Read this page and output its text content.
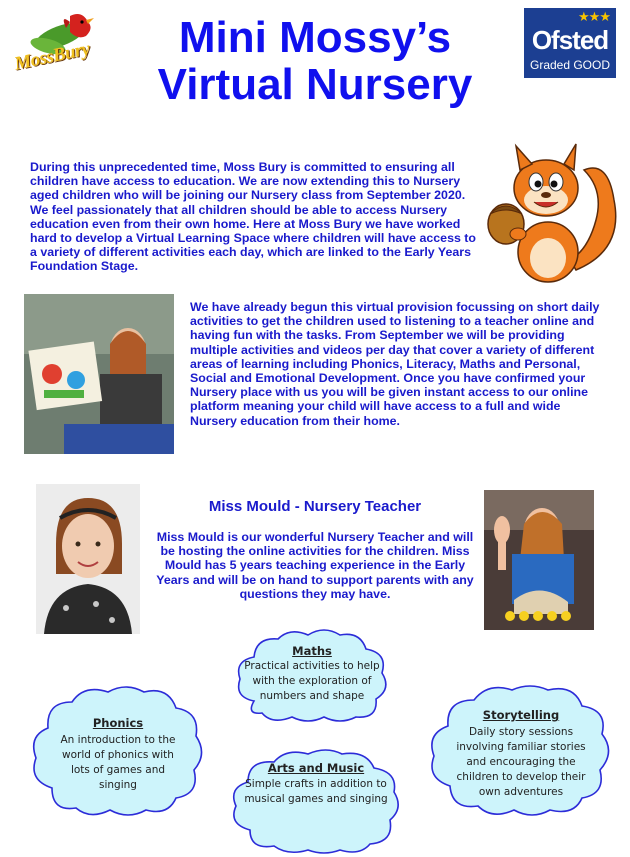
MossBury	Mini Mossy’s
Virtual Nursery
★★★
Ofsted
Graded GOOD
During this unprecedented time, Moss Bury is committed to ensuring all children have access to education. We are now extending this to Nursery aged children who will be joining our Nursery class from September 2020. We feel passionately that all children should be able to access Nursery education even from their own home. Here at Moss Bury we have worked hard to develop a Virtual Learning Space where children will have access to a variety of different activities each day, which are linked to the Early Years Foundation Stage.
We have already begun this virtual provision focussing on short daily activities to get the children used to listening to a teacher online and having fun with the tasks. From September we will be providing multiple activities and videos per day that cover a variety of different areas of learning including Phonics, Literacy, Maths and Personal, Social and Emotional Development. Once you have confirmed your Nursery place with us you will be given instant access to our online platform meaning your child will have access to a full and wide Nursery education from their home.
Miss Mould - Nursery Teacher
Miss Mould is our wonderful Nursery Teacher and will be hosting the online activities for the children. Miss Mould has 5 years teaching experience in the Early Years and will be on hand to support parents with any questions they may have.
Maths
Practical activities to help with the exploration of numbers and shape
Phonics
An introduction to the world of phonics with lots of games and singing
Storytelling
Daily story sessions involving familiar stories and encouraging the children to develop their own adventures
Arts and Music
Simple crafts in addition to musical games and singing
